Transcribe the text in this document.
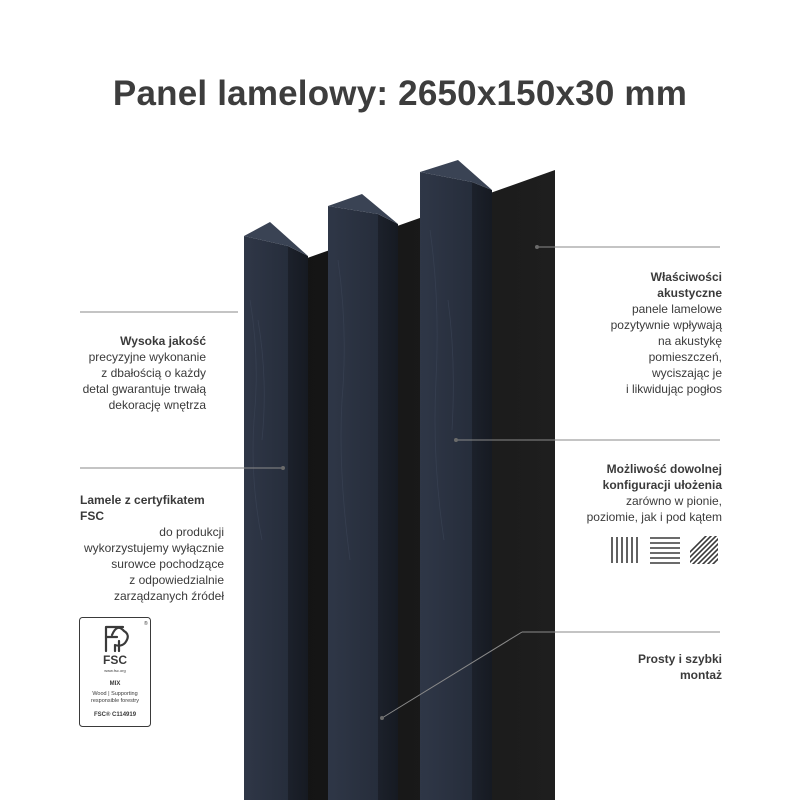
Panel lamelowy: 2650x150x30 mm
Wysoka jakość
precyzyjne wykonanie
z dbałością o każdy
detal gwarantuje trwałą
dekorację wnętrza
Lamele z certyfikatem
FSC
do produkcji
wykorzystujemy wyłącznie
surowce pochodzące
z odpowiedzialnie
zarządzanych źródeł
Właściwości
akustyczne
panele lamelowe
pozytywnie wpływają
na akustykę
pomieszczeń,
wyciszając je
i likwidując pogłos
Możliwość dowolnej
konfiguracji ułożenia
zarówno w pionie,
poziomie, jak i pod kątem
Prosty i szybki
montaż
®
FSC
www.fsc.org
MIX
Wood | Supporting
responsible forestry
FSC® C114919
